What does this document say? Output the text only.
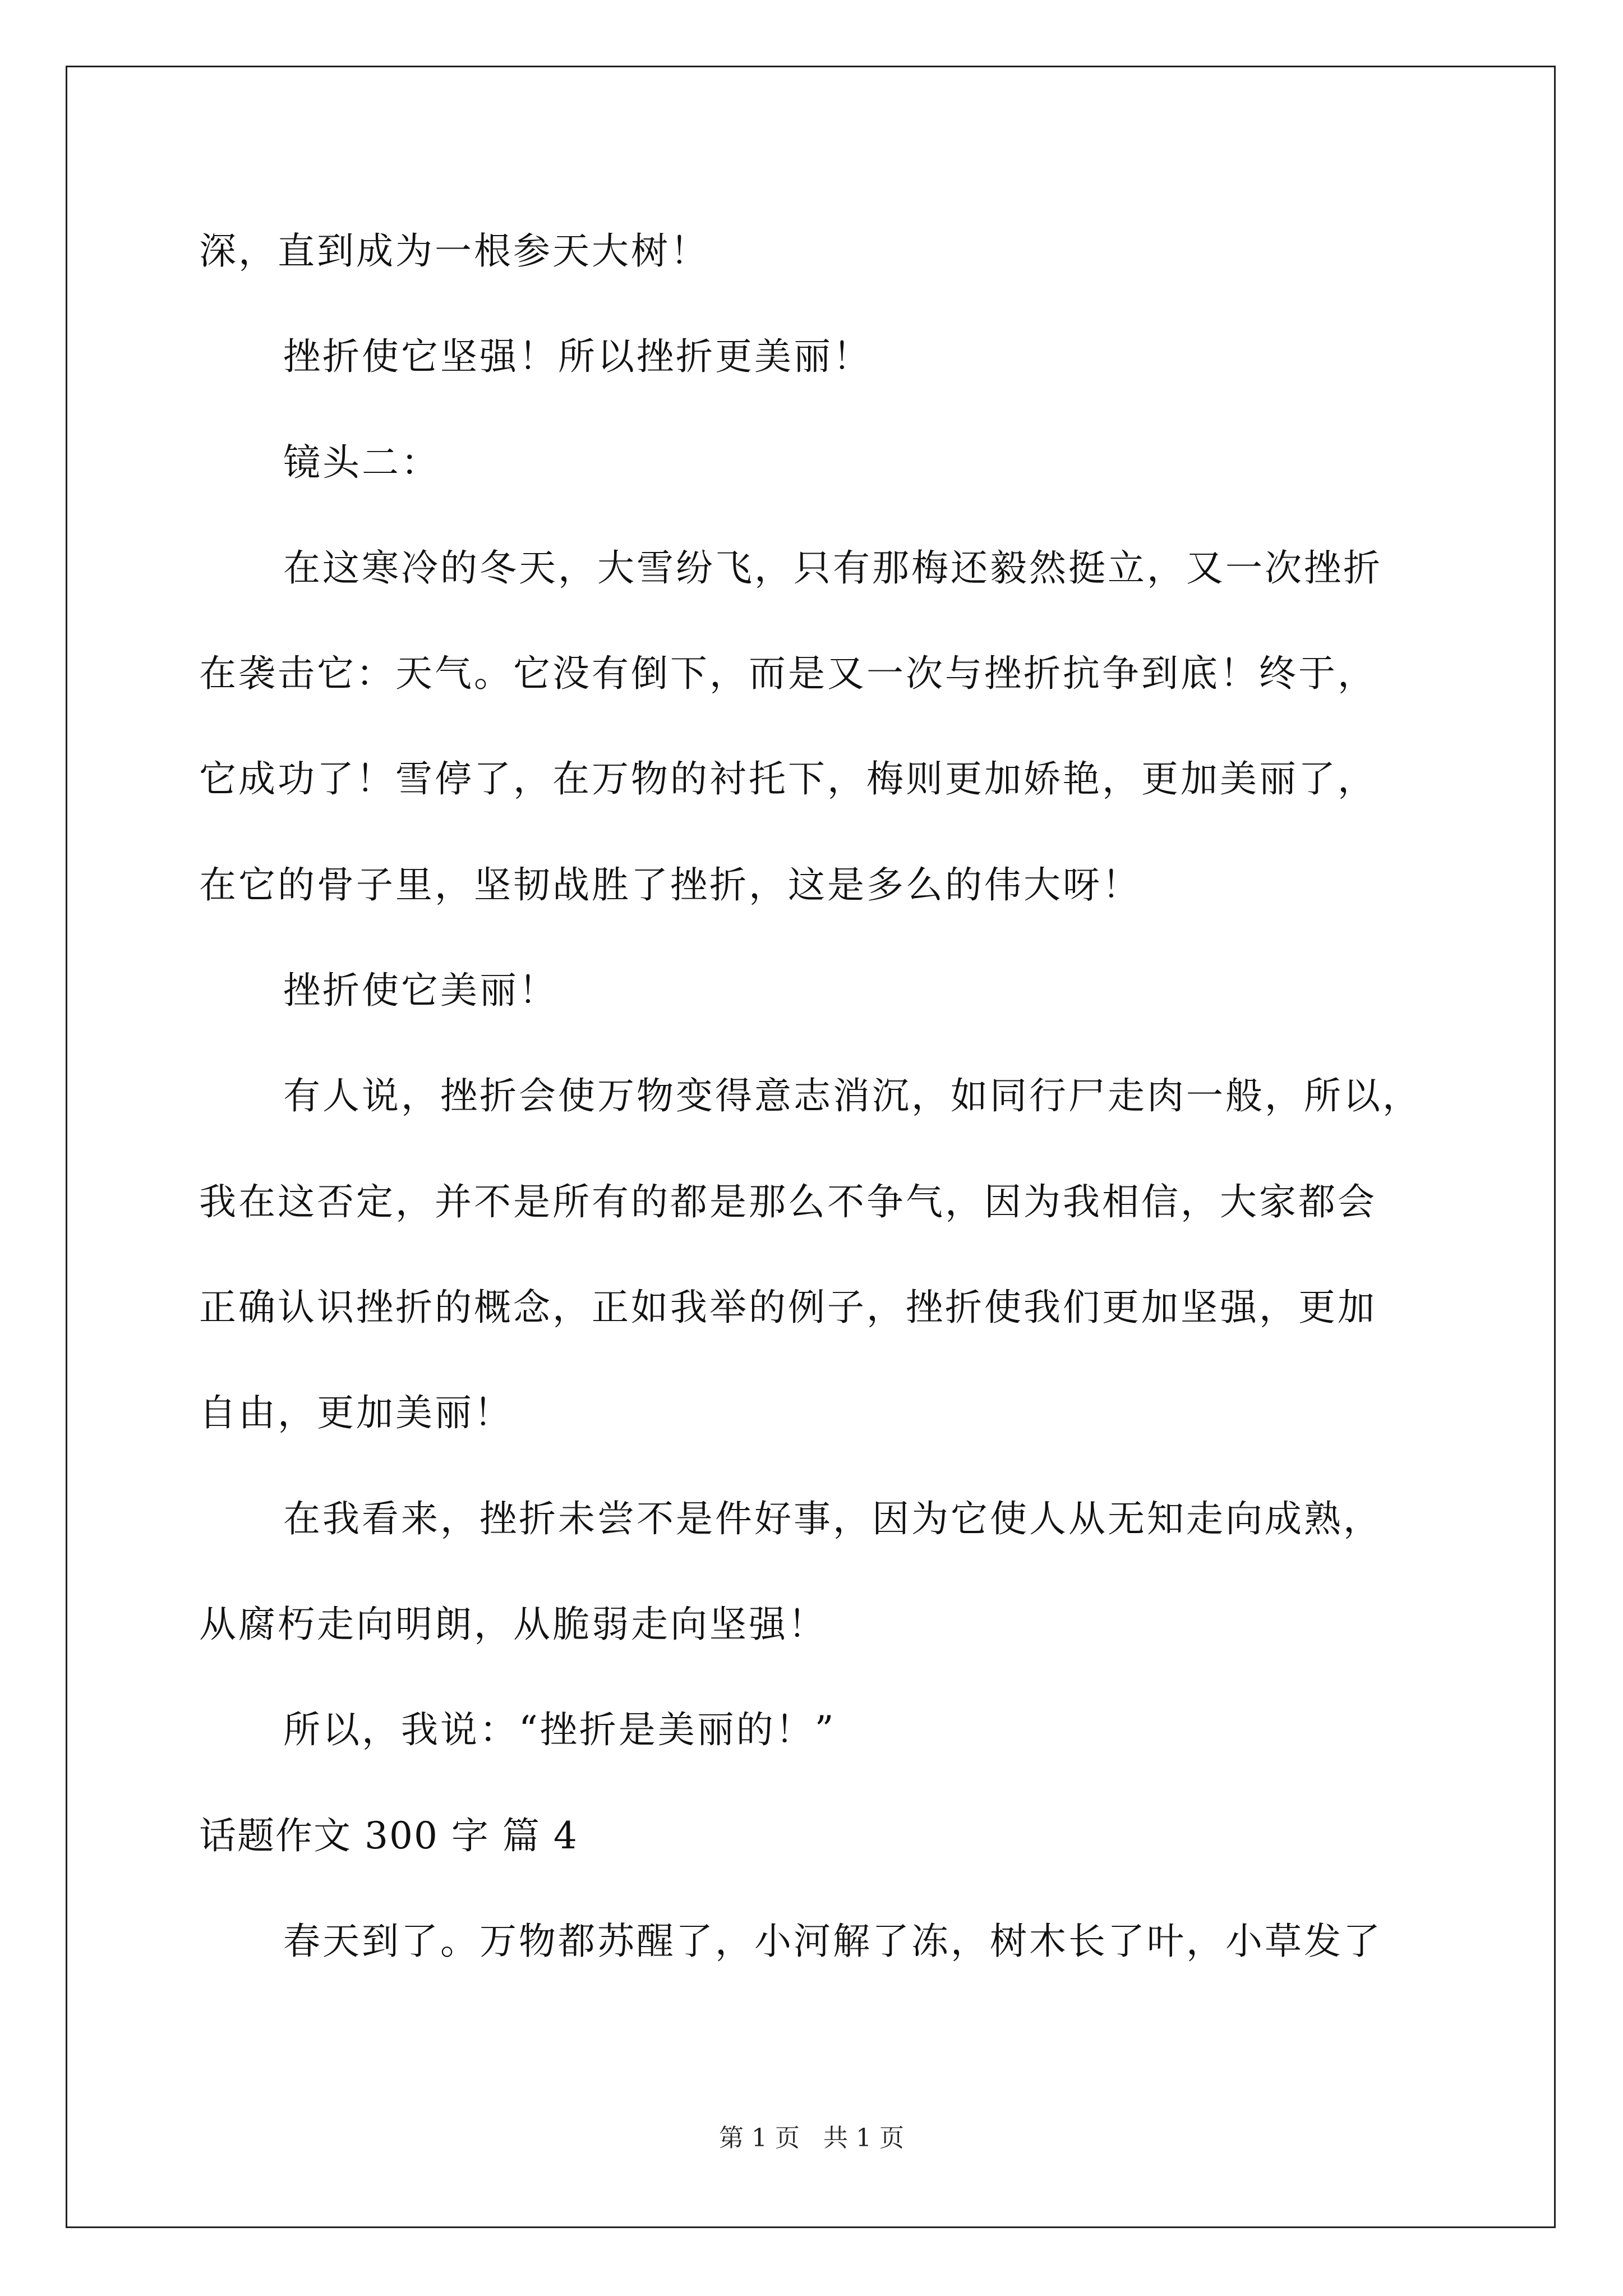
深，直到成为一根参天大树！
挫折使它坚强！所以挫折更美丽！
镜头二：
在这寒冷的冬天，大雪纷飞，只有那梅还毅然挺立，又一次挫折
在袭击它：天气。它没有倒下，而是又一次与挫折抗争到底！终于，
它成功了！雪停了，在万物的衬托下，梅则更加娇艳，更加美丽了，
在它的骨子里，坚韧战胜了挫折，这是多么的伟大呀！
挫折使它美丽！
有人说，挫折会使万物变得意志消沉，如同行尸走肉一般，所以，
我在这否定，并不是所有的都是那么不争气，因为我相信，大家都会
正确认识挫折的概念，正如我举的例子，挫折使我们更加坚强，更加
自由，更加美丽！
在我看来，挫折未尝不是件好事，因为它使人从无知走向成熟，
从腐朽走向明朗，从脆弱走向坚强！
所以，我说：“挫折是美丽的！”
话题作文 300 字 篇 4
春天到了。万物都苏醒了，小河解了冻，树木长了叶，小草发了
第 1 页   共 1 页
